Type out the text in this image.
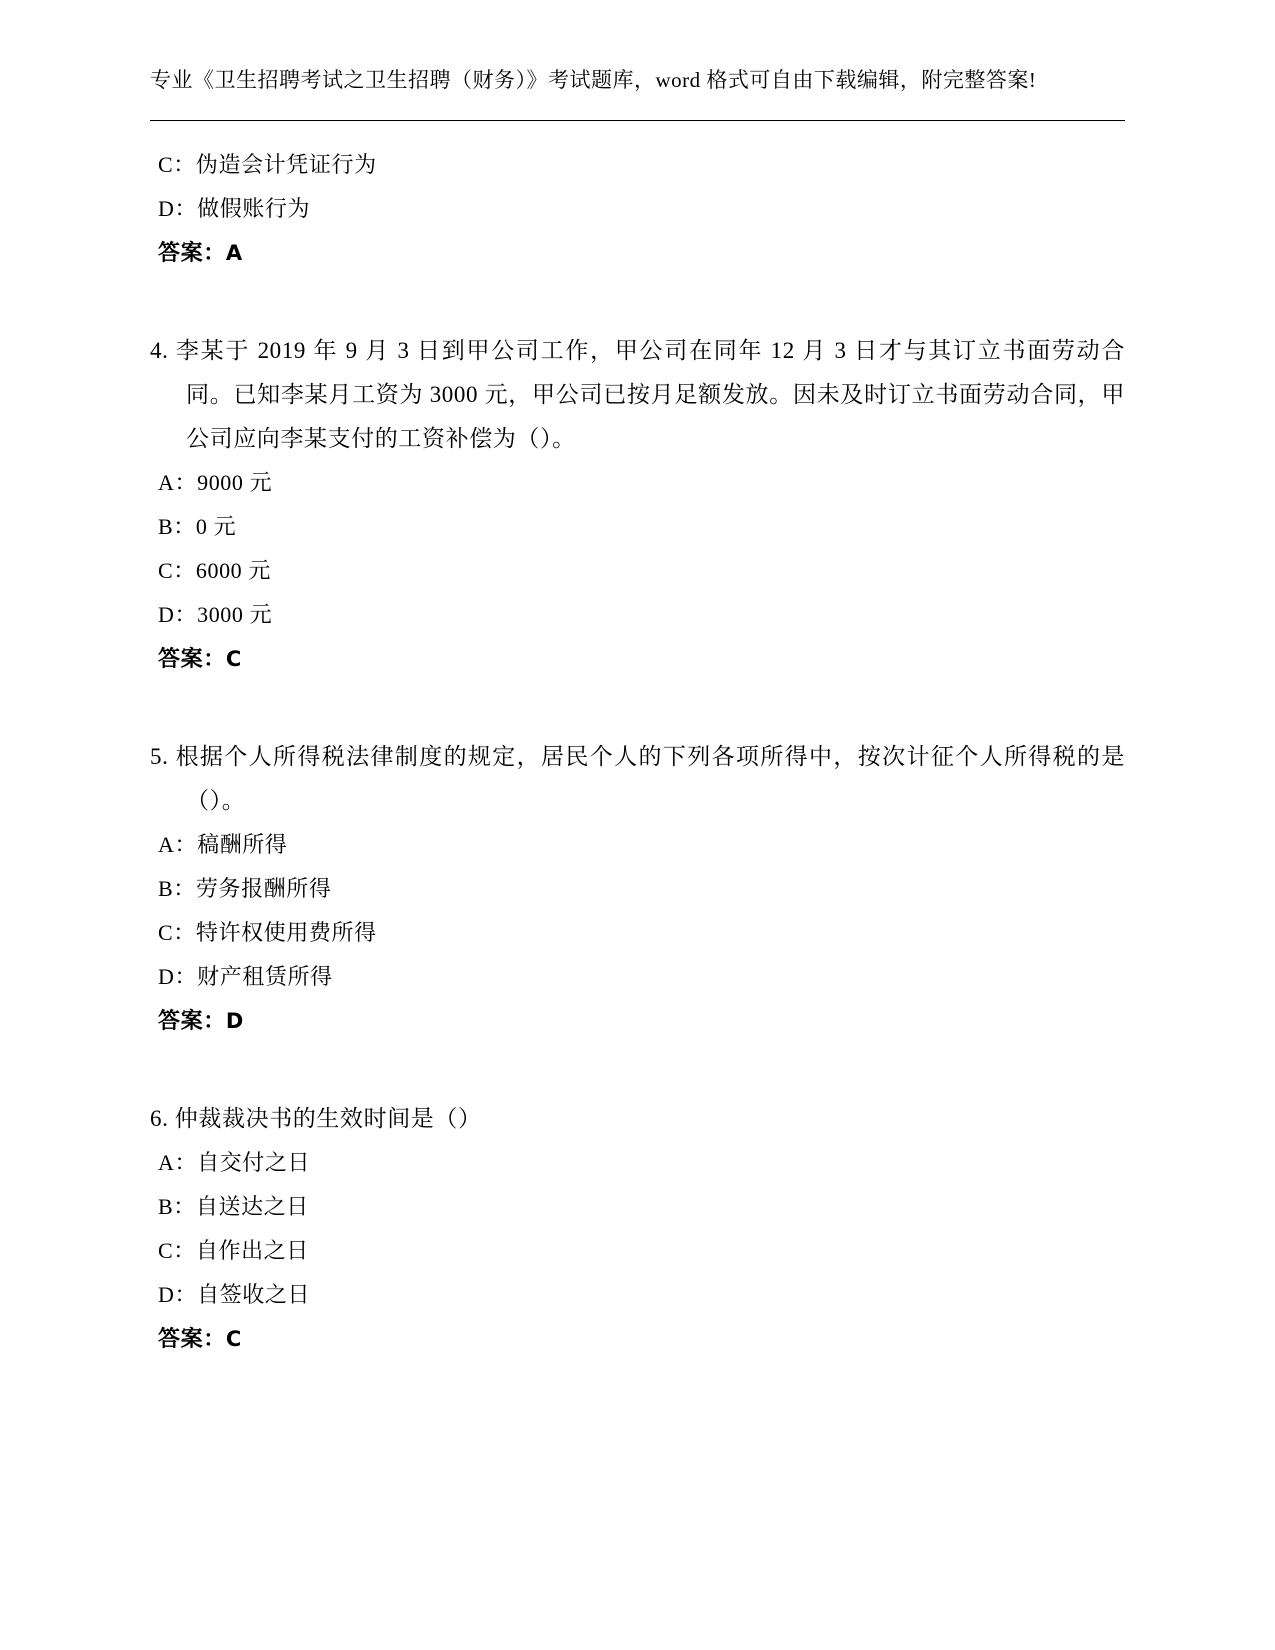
专业《卫生招聘考试之卫生招聘（财务）》考试题库，word 格式可自由下载编辑，附完整答案!
C：伪造会计凭证行为
D：做假账行为
答案：A
4. 李某于 2019 年 9 月 3 日到甲公司工作，甲公司在同年 12 月 3 日才与其订立书面劳动合同。已知李某月工资为 3000 元，甲公司已按月足额发放。因未及时订立书面劳动合同，甲公司应向李某支付的工资补偿为（）。
A：9000 元
B：0 元
C：6000 元
D：3000 元
答案：C
5. 根据个人所得税法律制度的规定，居民个人的下列各项所得中，按次计征个人所得税的是（）。
A：稿酬所得
B：劳务报酬所得
C：特许权使用费所得
D：财产租赁所得
答案：D
6. 仲裁裁决书的生效时间是（）
A：自交付之日
B：自送达之日
C：自作出之日
D：自签收之日
答案：C
